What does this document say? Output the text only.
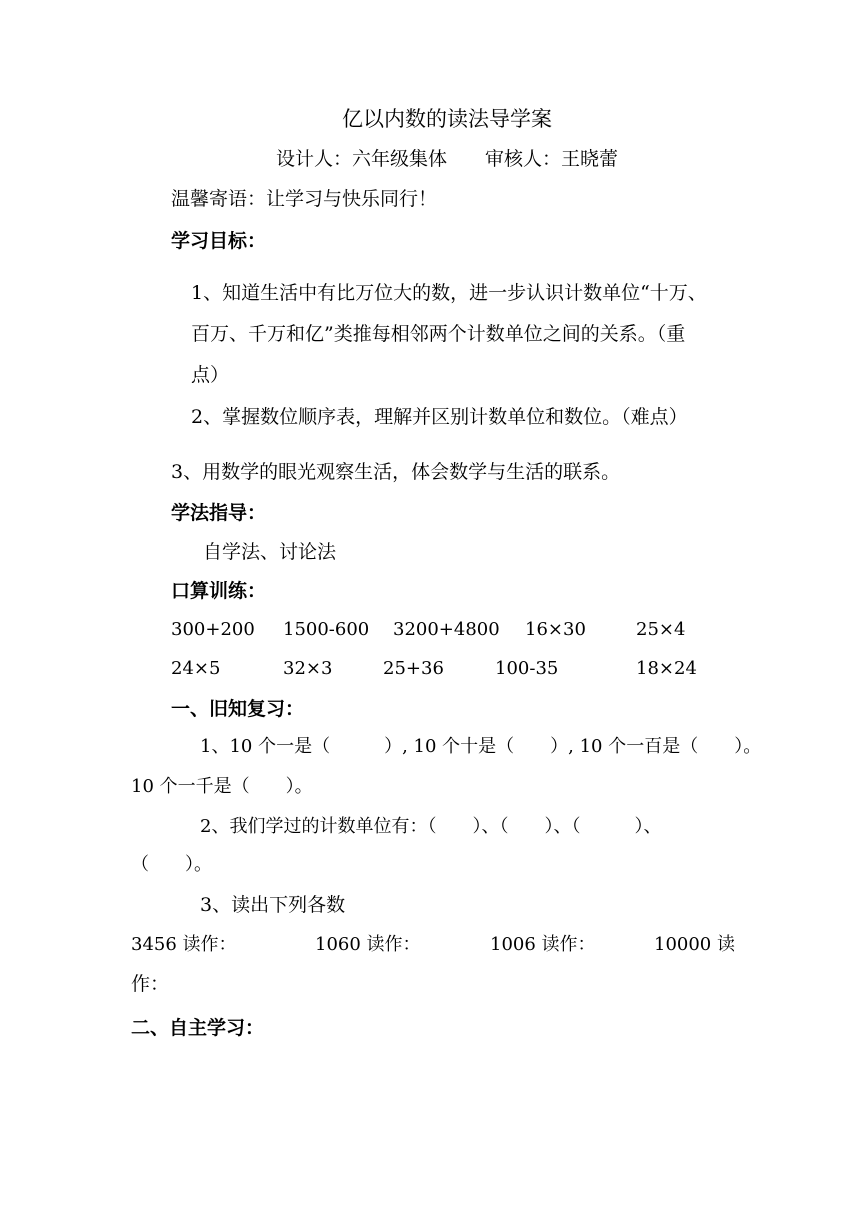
亿以内数的读法导学案
设计人：六年级集体　　审核人：王晓蕾
温馨寄语：让学习与快乐同行！
学习目标：
1、知道生活中有比万位大的数，进一步认识计数单位“十万、
百万、千万和亿”类推每相邻两个计数单位之间的关系。（重
点）
2、掌握数位顺序表，理解并区别计数单位和数位。（难点）
3、用数学的眼光观察生活，体会数学与生活的联系。
学法指导：
自学法、讨论法
口算训练：
300+200 1500-600 3200+4800 16×30	25×4
24×5	32×3	25+36	100-35	18×24
一、旧知复习：
1、10 个一是（　　　）, 10 个十是（　　）, 10 个一百是（　　）。
10 个一千是（　　）。
2、我们学过的计数单位有：（　　）、（　　）、（　　　）、
（　　）。
3、读出下列各数
3456 读作：	1060 读作：	1006 读作：	10000 读
作：
二、自主学习：
